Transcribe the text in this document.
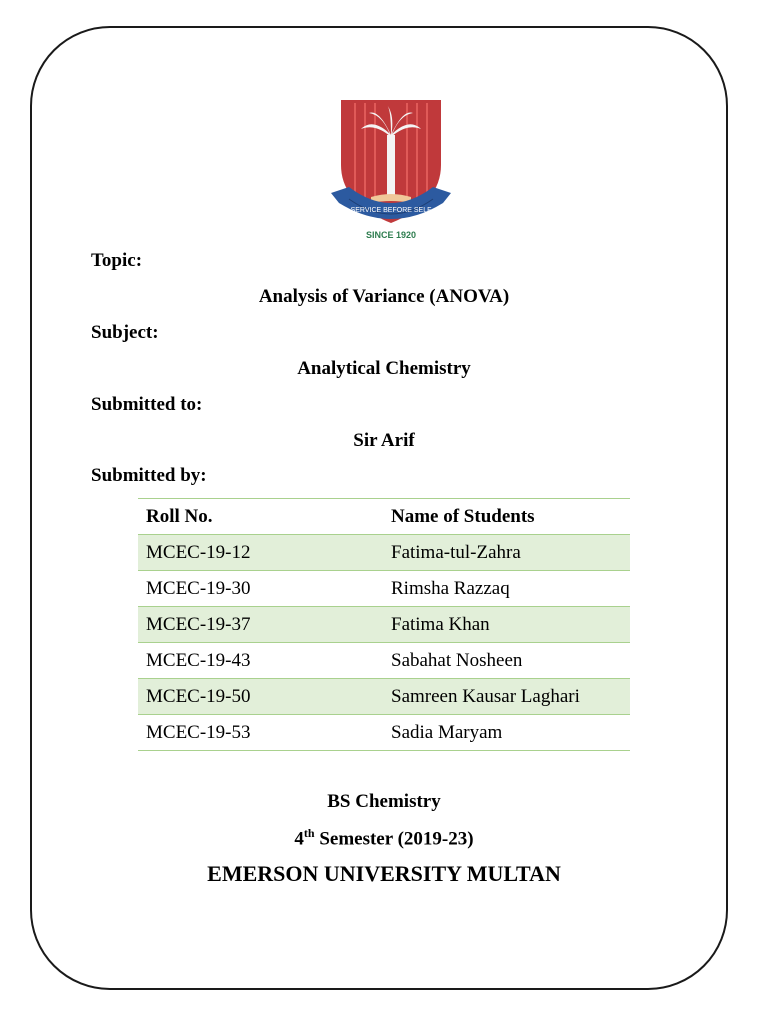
SERVICE BEFORE SELF
SINCE 1920
Topic:
Analysis of Variance (ANOVA)
Subject:
Analytical Chemistry
Submitted to:
Sir Arif
Submitted by:
Roll No.	Name of Students
MCEC-19-12	Fatima-tul-Zahra
MCEC-19-30	Rimsha Razzaq
MCEC-19-37	Fatima Khan
MCEC-19-43	Sabahat Nosheen
MCEC-19-50	Samreen Kausar Laghari
MCEC-19-53	Sadia Maryam
BS Chemistry
4th Semester (2019-23)
EMERSON UNIVERSITY MULTAN
